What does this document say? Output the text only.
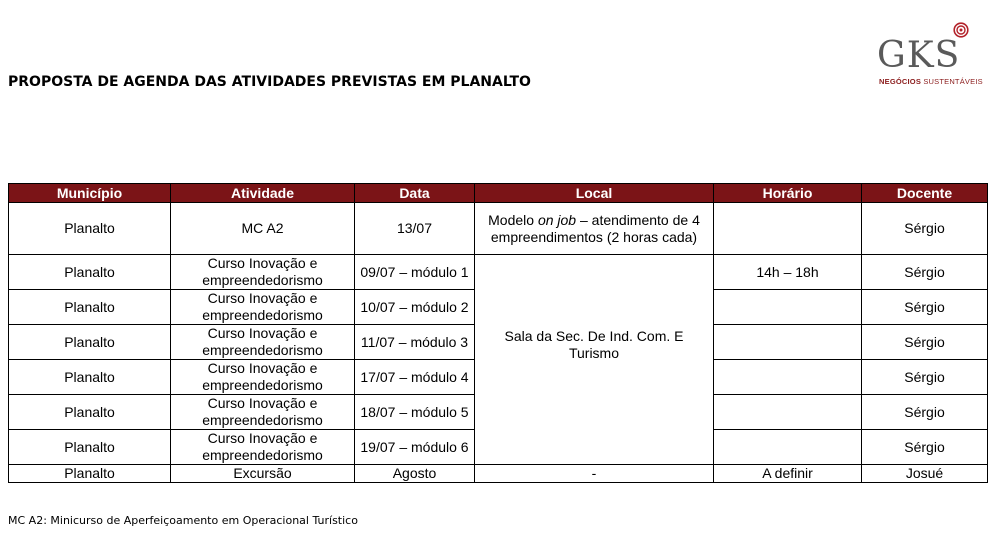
PROPOSTA DE AGENDA DAS ATIVIDADES PREVISTAS EM PLANALTO
GKS
NEGÓCIOS SUSTENTÁVEIS
Município	Atividade	Data	Local	Horário	Docente
Planalto	MC A2	13/07	Modelo on job – atendimento de 4 empreendimentos (2 horas cada)		Sérgio
Planalto	Curso Inovação e empreendedorismo	09/07 – módulo 1	Sala da Sec. De Ind. Com. E Turismo	14h – 18h	Sérgio
Planalto	Curso Inovação e empreendedorismo	10/07 – módulo 2			Sérgio
Planalto	Curso Inovação e empreendedorismo	11/07 – módulo 3			Sérgio
Planalto	Curso Inovação e empreendedorismo	17/07 – módulo 4			Sérgio
Planalto	Curso Inovação e empreendedorismo	18/07 – módulo 5			Sérgio
Planalto	Curso Inovação e empreendedorismo	19/07 – módulo 6			Sérgio
Planalto	Excursão	Agosto	-	A definir	Josué
MC A2: Minicurso de Aperfeiçoamento em Operacional Turístico
